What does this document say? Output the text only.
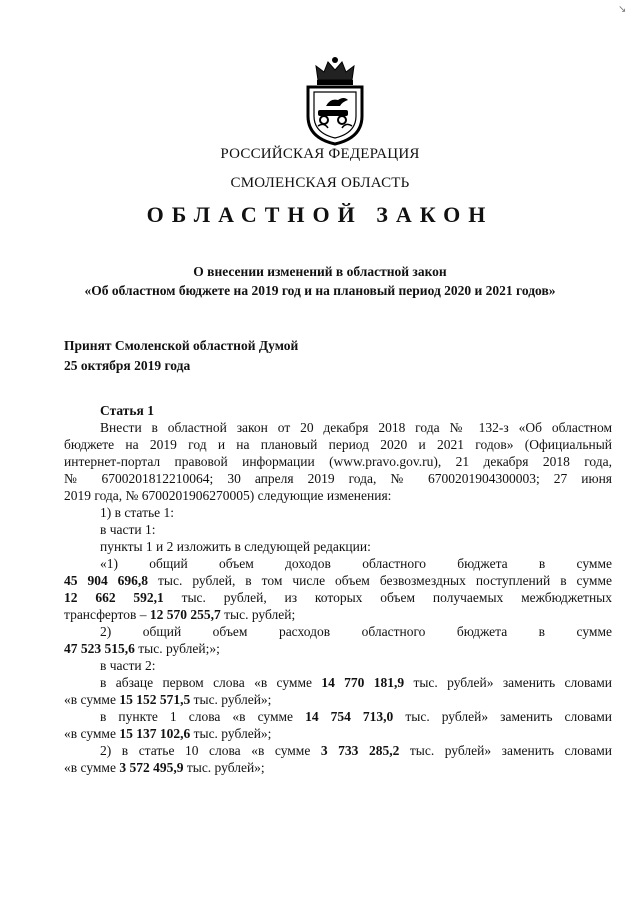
РОССИЙСКАЯ ФЕДЕРАЦИЯ
СМОЛЕНСКАЯ ОБЛАСТЬ
ОБЛАСТНОЙ ЗАКОН
О внесении изменений в областной закон
«Об областном бюджете на 2019 год и на плановый период 2020 и 2021 годов»
Принят Смоленской областной Думой
25 октября 2019 года

Статья 1

Внести в областной закон от 20 декабря 2018 года № 132-з «Об областном

бюджете на 2019 год и на плановый период 2020 и 2021 годов» (Официальный

интернет-портал правовой информации (www.pravo.gov.ru), 21 декабря 2018 года,

№ 6700201812210064; 30 апреля 2019 года, № 6700201904300003; 27 июня

2019 года, № 6700201906270005) следующие изменения:

1) в статье 1:

в части 1:

пункты 1 и 2 изложить в следующей редакции:

«1) общий объем доходов областного бюджета в сумме

45 904 696,8 тыс. рублей, в том числе объем безвозмездных поступлений в сумме

12 662 592,1 тыс. рублей, из которых объем получаемых межбюджетных

трансфертов – 12 570 255,7 тыс. рублей;

2) общий объем расходов областного бюджета в сумме

47 523 515,6 тыс. рублей;»;

в части 2:

в абзаце первом слова «в сумме 14 770 181,9 тыс. рублей» заменить словами

«в сумме 15 152 571,5 тыс. рублей»;

в пункте 1 слова «в сумме 14 754 713,0 тыс. рублей» заменить словами

«в сумме 15 137 102,6 тыс. рублей»;

2) в статье 10 слова «в сумме 3 733 285,2 тыс. рублей» заменить словами

«в сумме 3 572 495,9 тыс. рублей»;

↘
